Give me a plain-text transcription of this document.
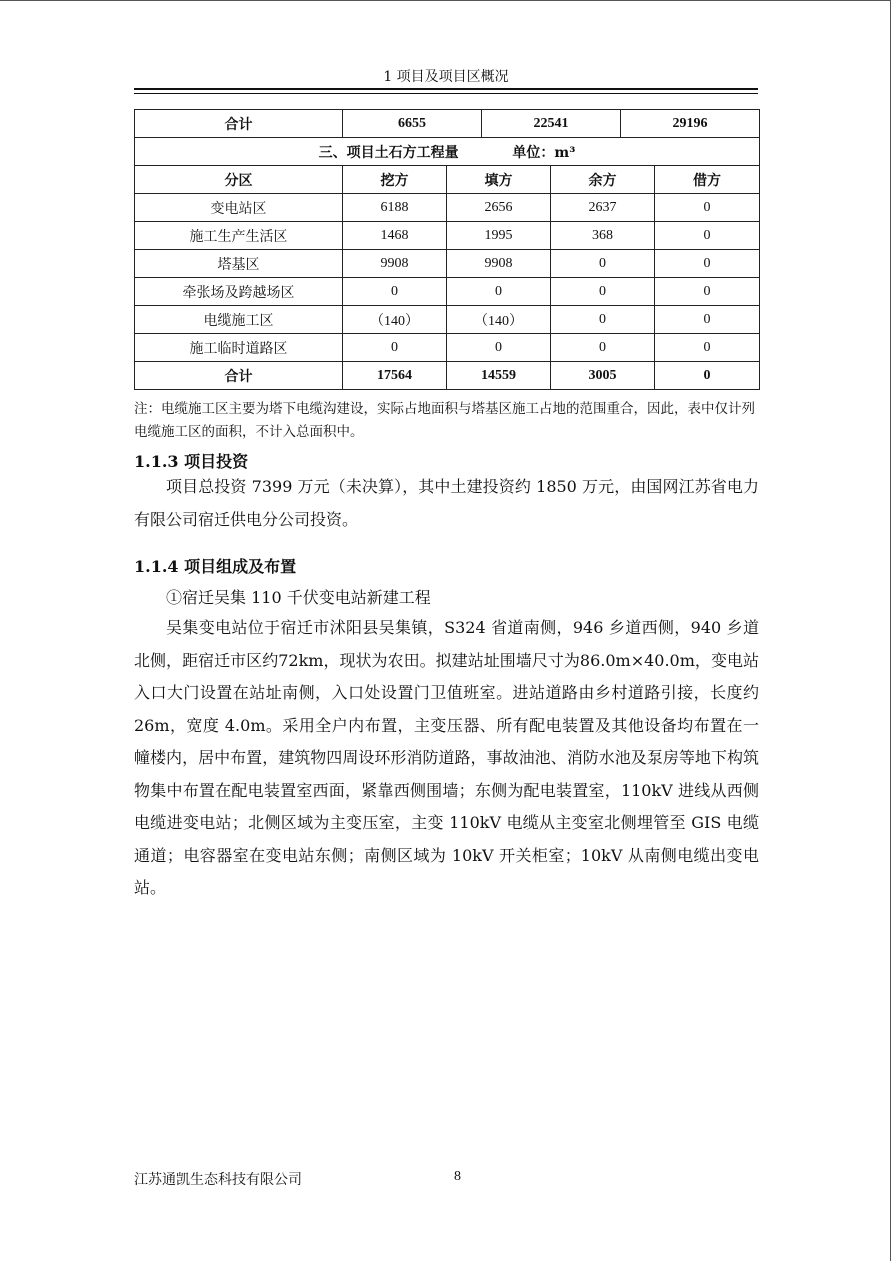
1 项目及项目区概况
合计	6655	22541	29196
三、项目土石方工程量 单位：m³				
分区	挖方	填方	余方	借方
变电站区	6188	2656	2637	0
施工生产生活区	1468	1995	368	0
塔基区	9908	9908	0	0
牵张场及跨越场区	0	0	0	0
电缆施工区	（140）	（140）	0	0
施工临时道路区	0	0	0	0
合计	17564	14559	3005	0
注：电缆施工区主要为塔下电缆沟建设，实际占地面积与塔基区施工占地的范围重合，因此，表中仅计列电缆施工区的面积，不计入总面积中。
1.1.3 项目投资
项目总投资 7399 万元（未决算），其中土建投资约 1850 万元，由国网江苏省电力有限公司宿迁供电分公司投资。
1.1.4 项目组成及布置
①宿迁吴集 110 千伏变电站新建工程
吴集变电站位于宿迁市沭阳县吴集镇，S324 省道南侧，946 乡道西侧，940 乡道北侧，距宿迁市区约72km，现状为农田。拟建站址围墙尺寸为86.0m×40.0m，变电站入口大门设置在站址南侧，入口处设置门卫值班室。进站道路由乡村道路引接，长度约 26m，宽度 4.0m。采用全户内布置，主变压器、所有配电装置及其他设备均布置在一幢楼内，居中布置，建筑物四周设环形消防道路，事故油池、消防水池及泵房等地下构筑物集中布置在配电装置室西面，紧靠西侧围墙；东侧为配电装置室，110kV 进线从西侧电缆进变电站；北侧区域为主变压室，主变 110kV 电缆从主变室北侧埋管至 GIS 电缆通道；电容器室在变电站东侧；南侧区域为 10kV 开关柜室；10kV 从南侧电缆出变电站。
江苏通凯生态科技有限公司	8
